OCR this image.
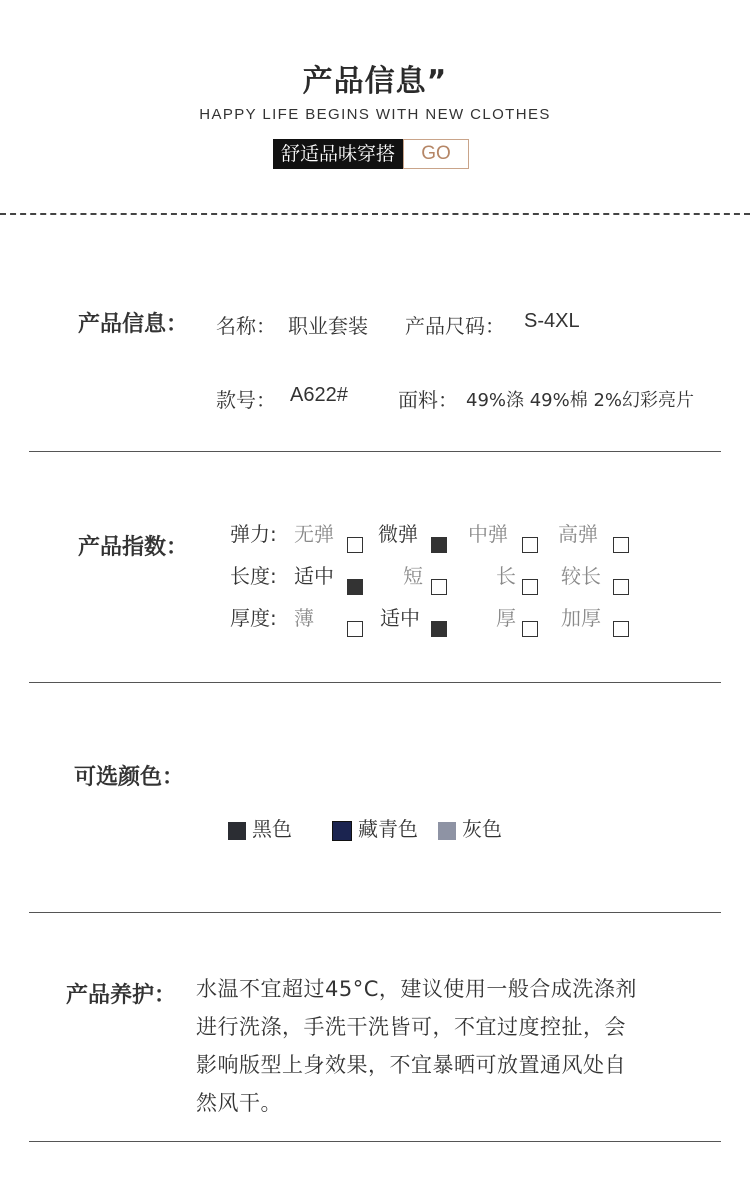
产品信息”
HAPPY LIFE BEGINS WITH NEW CLOTHES
舒适品味穿搭	GO
产品信息： 名称： 职业套装 产品尺码： S-4XL
款号： A622#	面料： 49%涤 49%棉 2%幻彩亮片
产品指数：
弹力: 无弹 微弹	中弹	高弹
长度: 适中	短	长 较长
厚度: 薄	适中	厚 加厚
可选颜色：
黑色	藏青色	灰色
产品养护： 水温不宜超过45°C，建议使用一般合成洗涤剂
进行洗涤，手洗干洗皆可，不宜过度控扯，会
影响版型上身效果，不宜暴晒可放置通风处自
然风干。
